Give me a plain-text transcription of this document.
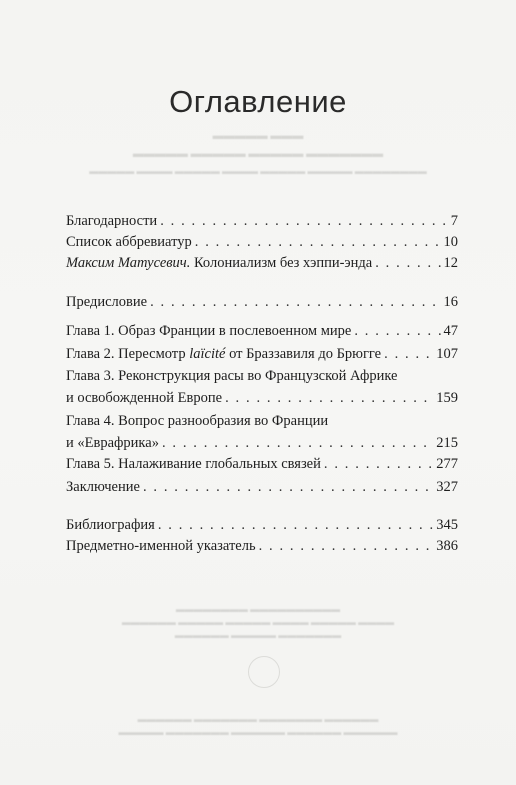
▬▬▬▬▬ ▬▬▬
▬▬▬▬▬ ▬▬▬▬▬ ▬▬▬▬▬ ▬▬▬▬▬▬▬
▬▬▬▬▬ ▬▬▬▬ ▬▬▬▬▬ ▬▬▬▬ ▬▬▬▬▬ ▬▬▬▬▬ ▬▬▬▬▬▬▬▬
▬▬▬▬▬▬▬▬ ▬▬▬▬▬▬▬▬▬▬
▬▬▬▬▬▬ ▬▬▬▬▬ ▬▬▬▬▬ ▬▬▬▬ ▬▬▬▬▬ ▬▬▬▬
▬▬▬▬▬▬ ▬▬▬▬▬ ▬▬▬▬▬▬▬
▬▬▬▬▬▬ ▬▬▬▬▬▬▬ ▬▬▬▬▬▬▬ ▬▬▬▬▬▬
▬▬▬▬▬ ▬▬▬▬▬▬▬ ▬▬▬▬▬▬ ▬▬▬▬▬▬ ▬▬▬▬▬▬
Оглавление
Благодарности . . .	7
Список аббревиатур . . .	10
Максим Матусевич. Колониализм без хэппи-энда . . .	12
Предисловие . . .	16
Глава 1. Образ Франции в послевоенном мире . . .	47
Глава 2. Пересмотр laïcité от Браззавиля до Брюгге . . .	107
Глава 3. Реконструкция расы во Французской Африке
и освобожденной Европе . . .	159
Глава 4. Вопрос разнообразия во Франции
и «Еврафрика» . . .	215
Глава 5. Налаживание глобальных связей . . .	277
Заключение . . .	327
Библиография . . .	345
Предметно-именной указатель . . .	386
